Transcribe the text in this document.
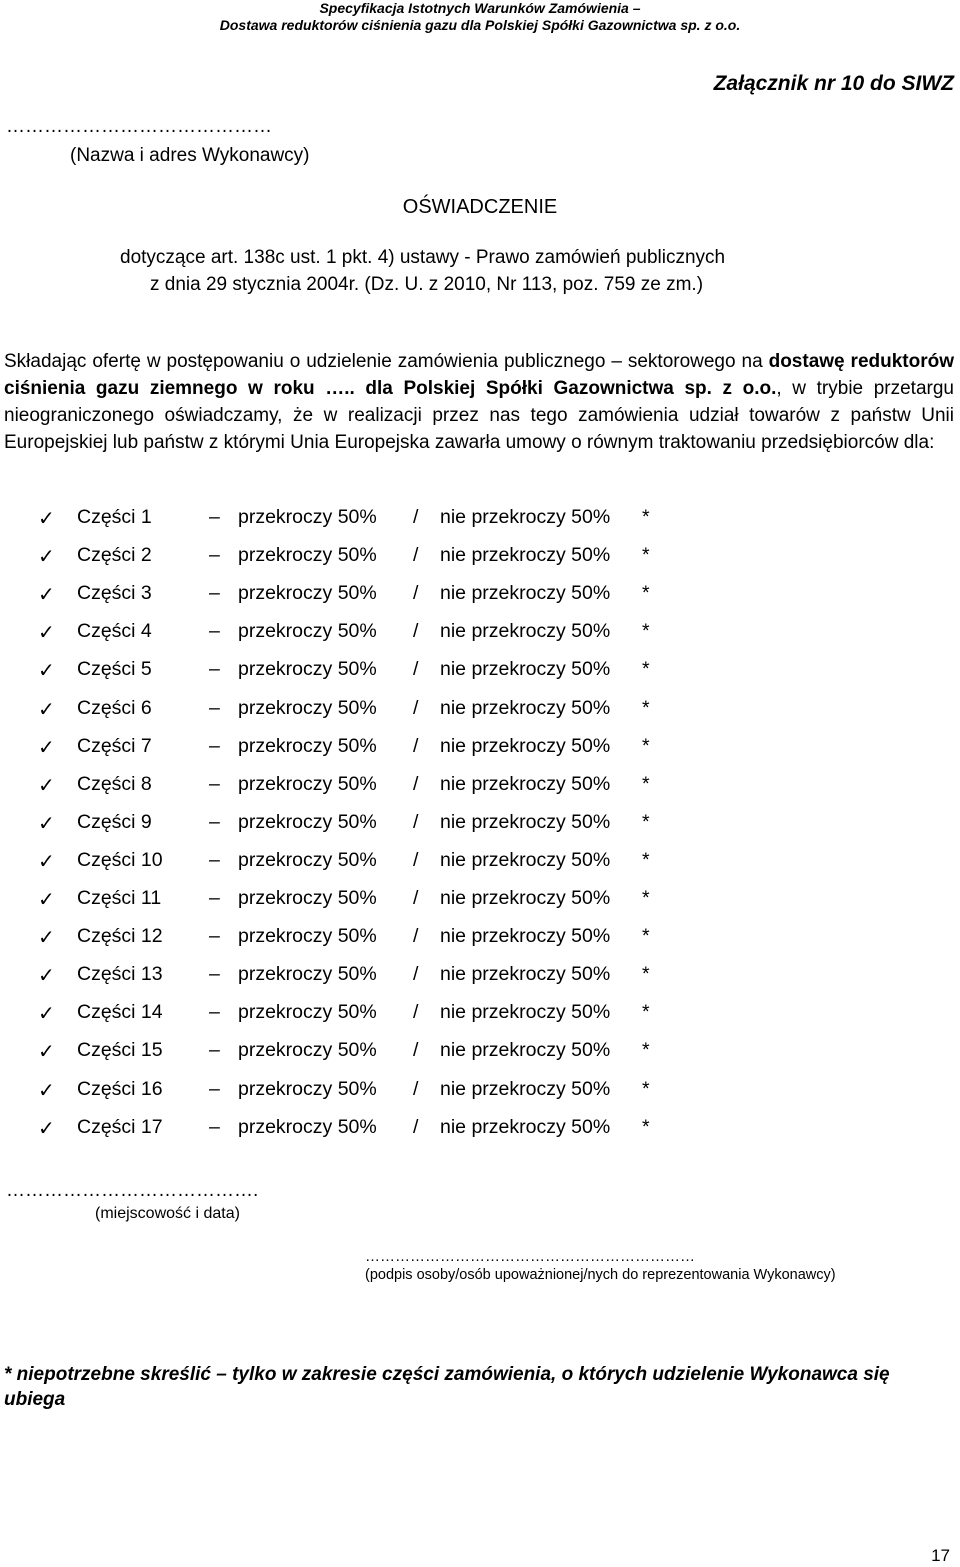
Specyfikacja Istotnych Warunków Zamówienia –
Dostawa reduktorów ciśnienia gazu dla Polskiej Spółki Gazownictwa sp. z o.o.
Załącznik nr 10 do SIWZ
……………………………………
(Nazwa i adres Wykonawcy)
OŚWIADCZENIE
dotyczące art. 138c ust. 1 pkt. 4) ustawy - Prawo zamówień publicznych
z dnia 29 stycznia 2004r. (Dz. U. z 2010, Nr 113, poz. 759 ze zm.)
Składając ofertę w postępowaniu o udzielenie zamówienia publicznego – sektorowego na dostawę reduktorów ciśnienia gazu ziemnego w roku ….. dla Polskiej Spółki Gazownictwa sp. z o.o., w trybie przetargu nieograniczonego oświadczamy, że w realizacji przez nas tego zamówienia udział towarów z państw Unii Europejskiej lub państw z którymi Unia Europejska zawarła umowy o równym traktowaniu przedsiębiorców dla:
✓ Części 1	– przekroczy 50% / nie przekroczy 50% *
✓ Części 2	– przekroczy 50% / nie przekroczy 50% *
✓ Części 3	– przekroczy 50% / nie przekroczy 50% *
✓ Części 4	– przekroczy 50% / nie przekroczy 50% *
✓ Części 5	– przekroczy 50% / nie przekroczy 50% *
✓ Części 6	– przekroczy 50% / nie przekroczy 50% *
✓ Części 7	– przekroczy 50% / nie przekroczy 50% *
✓ Części 8	– przekroczy 50% / nie przekroczy 50% *
✓ Części 9	– przekroczy 50% / nie przekroczy 50% *
✓ Części 10 – przekroczy 50% / nie przekroczy 50% *
✓ Części 11 – przekroczy 50% / nie przekroczy 50% *
✓ Części 12 – przekroczy 50% / nie przekroczy 50% *
✓ Części 13 – przekroczy 50% / nie przekroczy 50% *
✓ Części 14 – przekroczy 50% / nie przekroczy 50% *
✓ Części 15 – przekroczy 50% / nie przekroczy 50% *
✓ Części 16 – przekroczy 50% / nie przekroczy 50% *
✓ Części 17 – przekroczy 50% / nie przekroczy 50% *
………………………………….
(miejscowość i data)
…………………………………………………………
(podpis osoby/osób upoważnionej/nych do reprezentowania Wykonawcy)
* niepotrzebne skreślić – tylko w zakresie części zamówienia, o których udzielenie Wykonawca się ubiega
17
